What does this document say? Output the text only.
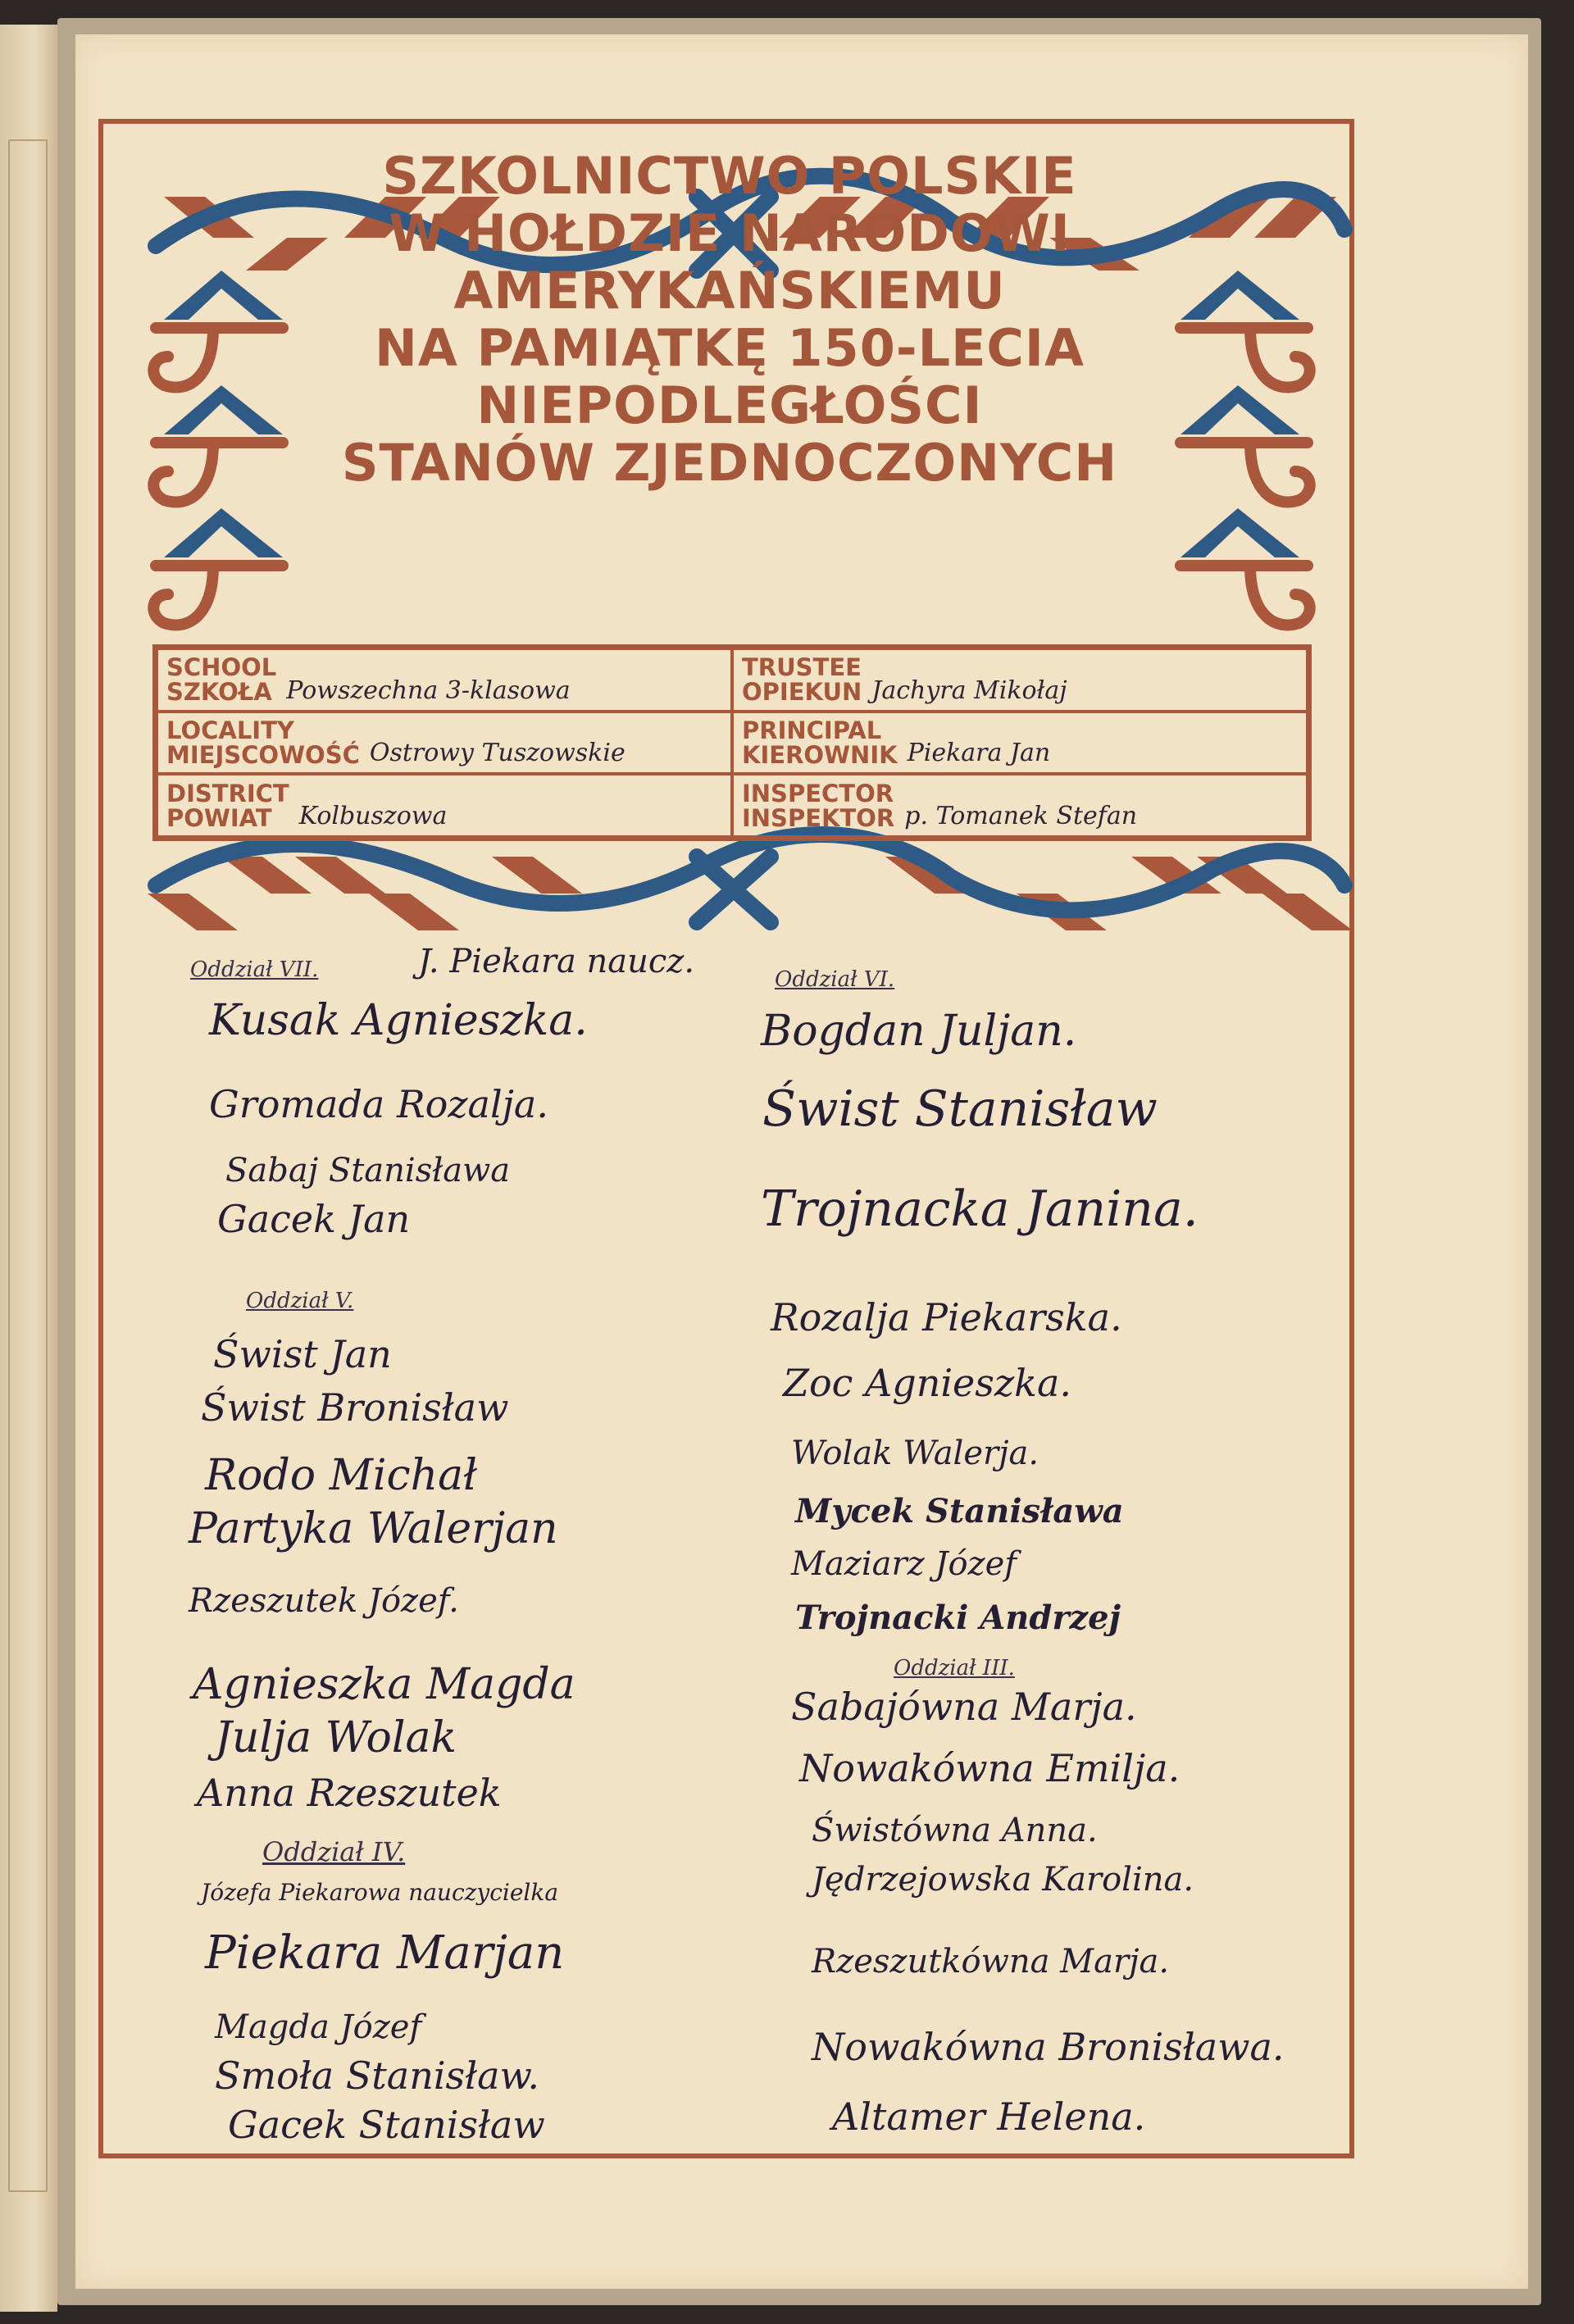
SZKOLNICTWO POLSKIE
W HOŁDZIE NARODOWI
AMERYKAŃSKIEMU
NA PAMIĄTKĘ 150-LECIA
NIEPODLEGŁOŚCI
STANÓW ZJEDNOCZONYCH
SCHOOL
SZKOŁA Powszechna 3-klasowa
TRUSTEE
OPIEKUN Jachyra Mikołaj
LOCALITY
MIEJSCOWOŚĆ Ostrowy Tuszowskie
PRINCIPAL
KIEROWNIK Piekara Jan
DISTRICT
POWIAT	Kolbuszowa
INSPECTOR
INSPEKTOR p. Tomanek Stefan
Oddział VII.	J. Piekara naucz.
Kusak Agnieszka.
Gromada Rozalja.
Sabaj Stanisława
Gacek Jan
Oddział V.
Świst Jan
Świst Bronisław
Rodo Michał
Partyka Walerjan
Rzeszutek Józef.
Agnieszka Magda
Julja Wolak
Anna Rzeszutek
Oddział IV.
Józefa Piekarowa nauczycielka
Piekara Marjan
Magda Józef
Smoła Stanisław.
Gacek Stanisław
Oddział VI.
Bogdan Juljan.
Świst Stanisław
Trojnacka Janina.
Rozalja Piekarska.
Zoc Agnieszka.
Wolak Walerja.
Mycek Stanisława
Maziarz Józef
Trojnacki Andrzej
Oddział III.
Sabajówna Marja.
Nowakówna Emilja.
Świstówna Anna.
Jędrzejowska Karolina.
Rzeszutkówna Marja.
Nowakówna Bronisława.
Altamer Helena.
